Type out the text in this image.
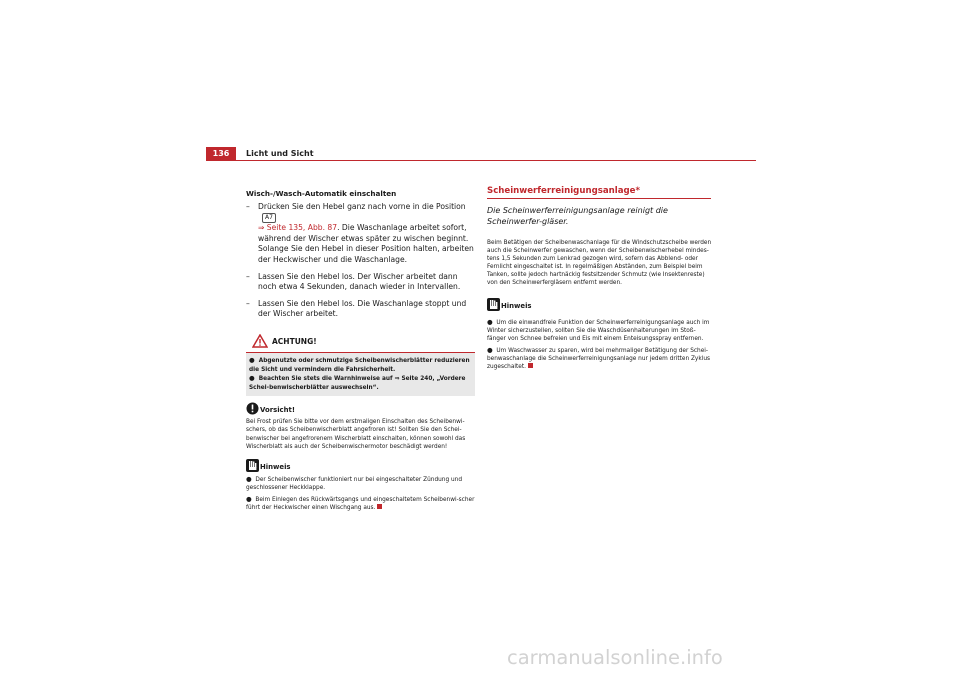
136	Licht und Sicht

Wisch-/Wasch-Automatik einschalten

– Drücken Sie den Hebel ganz nach vorne in die PositionA7
⇒ Seite 135, Abb. 87. Die Waschanlage arbeitet sofort, während der Wischer etwas später zu wischen beginnt. Solange Sie den Hebel in dieser Position halten, arbeiten der Heckwischer und die Waschanlage.

– Lassen Sie den Hebel los. Der Wischer arbeitet dann noch etwa 4 Sekunden, danach wieder in Intervallen.

– Lassen Sie den Hebel los. Die Waschanlage stoppt und der Wischer arbeitet.

ACHTUNG!
● Abgenutzte oder schmutzige Scheibenwischerblätter reduzieren die Sicht und vermindern die Fahrsicherheit.
● Beachten Sie stets die Warnhinweise auf ⇒ Seite 240, „Vordere Schei-benwischerblätter auswechseln“.
Vorsicht!

Bei Frost prüfen Sie bitte vor dem erstmaligen Einschalten des Scheibenwi-schers, ob das Scheibenwischerblatt angefroren ist! Sollten Sie den Schei-benwischer bei angefrorenem Wischerblatt einschalten, können sowohl das Wischerblatt als auch der Scheibenwischermotor beschädigt werden!

Hinweis

● Der Scheibenwischer funktioniert nur bei eingeschalteter Zündung und geschlossener Heckklappe.

● Beim Einlegen des Rückwärtsgangs und eingeschaltetem Scheibenwi-scher führt der Heckwischer einen Wischgang aus.

Scheinwerferreinigungsanlage*

Die Scheinwerferreinigungsanlage reinigt die Scheinwerfer-gläser.

Beim Betätigen der Scheibenwaschanlage für die Windschutzscheibe werden auch die Scheinwerfer gewaschen, wenn der Scheibenwischerhebel mindes-tens 1,5 Sekunden zum Lenkrad gezogen wird, sofern das Abblend- oder Fernlicht eingeschaltet ist. In regelmäßigen Abständen, zum Beispiel beim Tanken, sollte jedoch hartnäckig festsitzender Schmutz (wie Insektenreste) von den Scheinwerfergläsern entfernt werden.

Hinweis

● Um die einwandfreie Funktion der Scheinwerferreinigungsanlage auch im Winter sicherzustellen, sollten Sie die Waschdüsenhalterungen im Stoß-fänger von Schnee befreien und Eis mit einem Enteisungsspray entfernen.

● Um Waschwasser zu sparen, wird bei mehrmaliger Betätigung der Schei-benwaschanlage die Scheinwerferreinigungsanlage nur jedem dritten Zyklus zugeschaltet.

carmanualsonline.info
